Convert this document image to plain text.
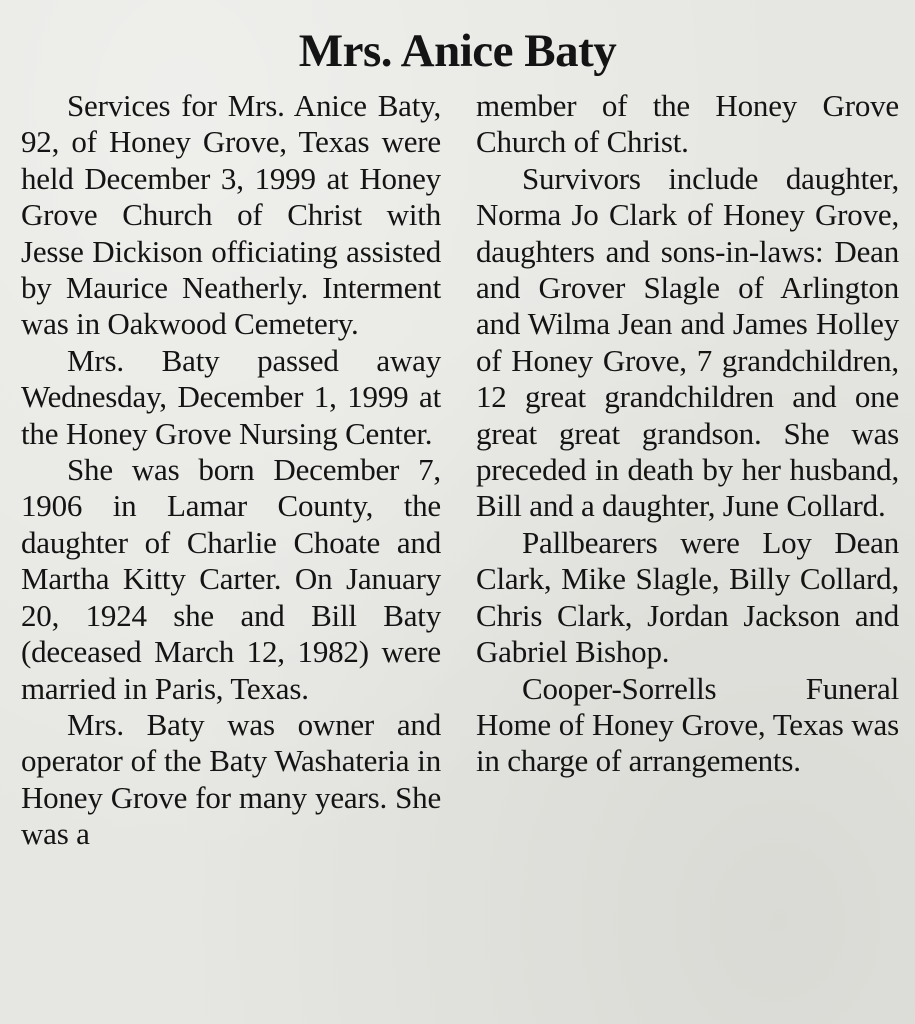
Mrs. Anice Baty

Services for Mrs. Anice Baty, 92, of Honey Grove, Texas were held December 3, 1999 at Honey Grove Church of Christ with Jesse Dickison officiating assisted by Maurice Neatherly. Interment was in Oakwood Cemetery.

Mrs. Baty passed away Wednesday, December 1, 1999 at the Honey Grove Nursing Center.

She was born December 7, 1906 in Lamar County, the daughter of Charlie Choate and Martha Kitty Carter. On January 20, 1924 she and Bill Baty (deceased March 12, 1982) were married in Paris, Texas.

Mrs. Baty was owner and operator of the Baty Washateria in Honey Grove for many years. She was a

member of the Honey Grove Church of Christ.

Survivors include daughter, Norma Jo Clark of Honey Grove, daughters and sons-in-laws: Dean and Grover Slagle of Arlington and Wilma Jean and James Holley of Honey Grove, 7 grandchildren, 12 great grandchildren and one great great grandson. She was preceded in death by her husband, Bill and a daughter, June Collard.

Pallbearers were Loy Dean Clark, Mike Slagle, Billy Collard, Chris Clark, Jordan Jackson and Gabriel Bishop.

Cooper-Sorrells Funeral Home of Honey Grove, Texas was in charge of arrangements.
